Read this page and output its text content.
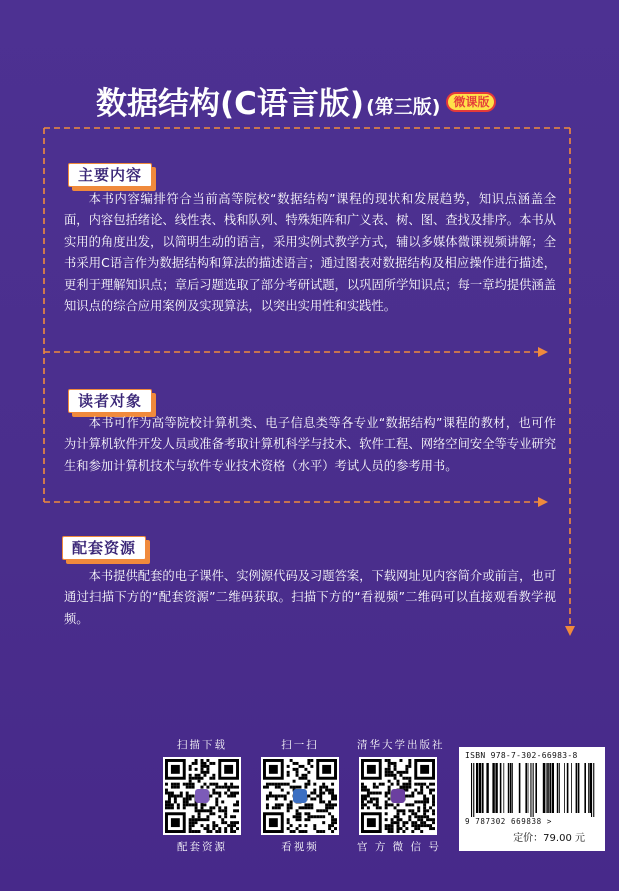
数据结构(C语言版) (第三版)	微课版
主要内容

本书内容编排符合当前高等院校“数据结构”课程的现状和发展趋势，知识点涵盖全面，内容包括绪论、线性表、栈和队列、特殊矩阵和广义表、树、图、查找及排序。本书从实用的角度出发，以简明生动的语言，采用实例式教学方式，辅以多媒体微课视频讲解；全书采用C语言作为数据结构和算法的描述语言；通过图表对数据结构及相应操作进行描述，更利于理解知识点；章后习题选取了部分考研试题，以巩固所学知识点；每一章均提供涵盖知识点的综合应用案例及实现算法，以突出实用性和实践性。

读者对象

本书可作为高等院校计算机类、电子信息类等各专业“数据结构”课程的教材，也可作为计算机软件开发人员或准备考取计算机科学与技术、软件工程、网络空间安全等专业研究生和参加计算机技术与软件专业技术资格（水平）考试人员的参考用书。

配套资源

本书提供配套的电子课件、实例源代码及习题答案，下载网址见内容简介或前言，也可通过扫描下方的“配套资源”二维码获取。扫描下方的“看视频”二维码可以直接观看教学视频。

扫描下载
配套资源
扫一扫
看视频
清华大学出版社
官 方 微 信 号
ISBN 978-7-302-66983-8
9 787302 669838 >
定价：79.00 元
